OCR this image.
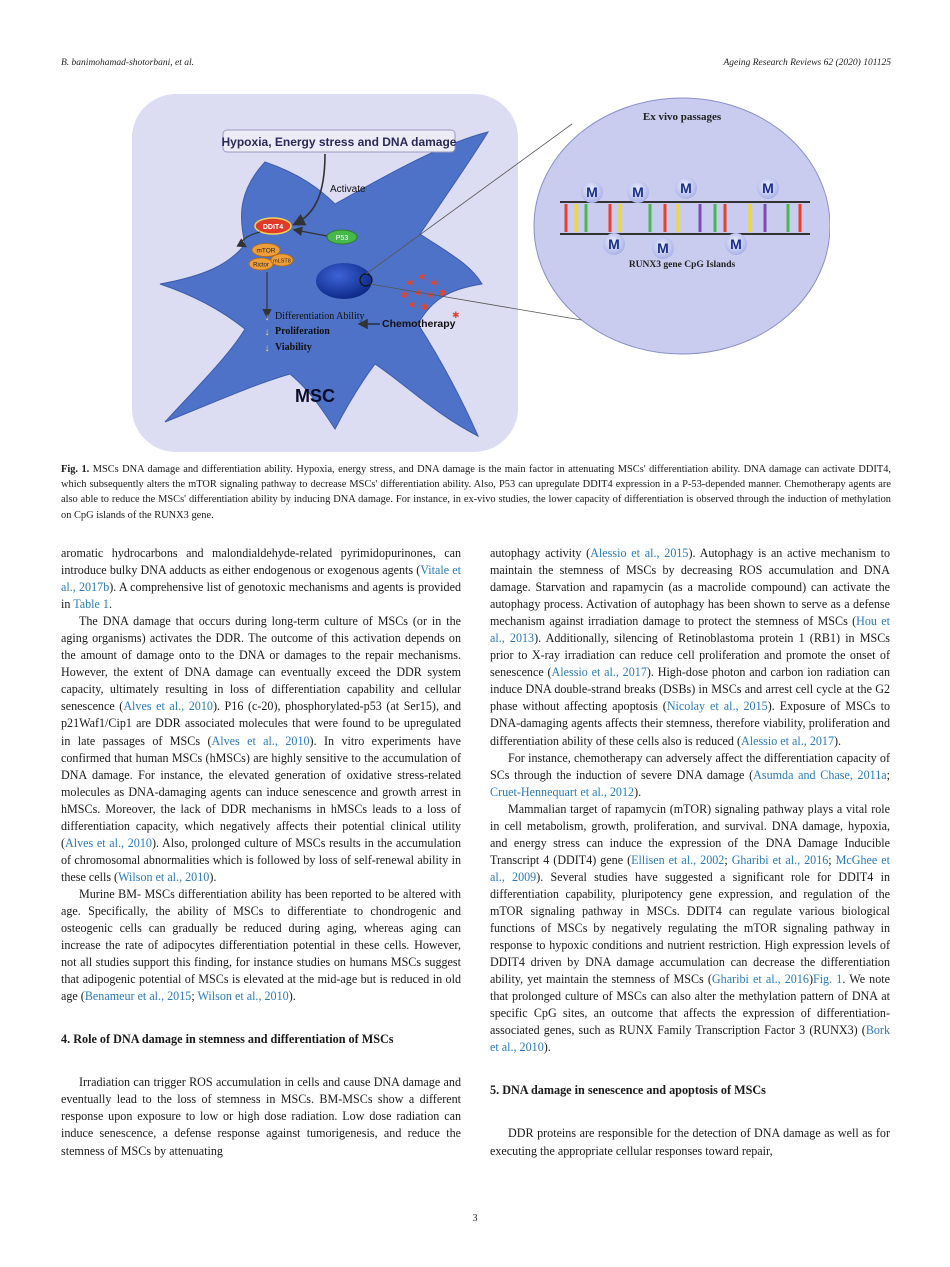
B. banimohamad-shotorbani, et al.	Ageing Research Reviews 62 (2020) 101125
Hypoxia, Energy stress and DNA damage
Activate
DDIT4
P53
mTOR
Rictor
mLST8
↓ Differentiation Ability
↓ Proliferation
↓ Viability
✱
✱
✱
✱ ✱ ✱ ✱
✱ ✱
✱
Chemotherapy
MSC
Ex vivo passages
RUNX3 gene CpG Islands
M M	M	M
M	M	M
Fig. 1. MSCs DNA damage and differentiation ability. Hypoxia, energy stress, and DNA damage is the main factor in attenuating MSCs' differentiation ability. DNA damage can activate DDIT4, which subsequently alters the mTOR signaling pathway to decrease MSCs' differentiation ability. Also, P53 can upregulate DDIT4 expression in a P-53-depended manner. Chemotherapy agents are also able to reduce the MSCs' differentiation ability by inducing DNA damage. For instance, in ex-vivo studies, the lower capacity of differentiation is observed through the induction of methylation on CpG islands of the RUNX3 gene.

aromatic hydrocarbons and malondialdehyde-related pyrimidopurinones, can introduce bulky DNA adducts as either endogenous or exogenous agents (Vitale et al., 2017b). A comprehensive list of genotoxic mechanisms and agents is provided in Table 1.

The DNA damage that occurs during long-term culture of MSCs (or in the aging organisms) activates the DDR. The outcome of this activation depends on the amount of damage onto to the DNA or damages to the repair mechanisms. However, the extent of DNA damage can eventually exceed the DDR system capacity, ultimately resulting in loss of differentiation capability and cellular senescence (Alves et al., 2010). P16 (c-20), phosphorylated-p53 (at Ser15), and p21Waf1/Cip1 are DDR associated molecules that were found to be upregulated in late passages of MSCs (Alves et al., 2010). In vitro experiments have confirmed that human MSCs (hMSCs) are highly sensitive to the accumulation of DNA damage. For instance, the elevated generation of oxidative stress-related molecules as DNA-damaging agents can induce senescence and growth arrest in hMSCs. Moreover, the lack of DDR mechanisms in hMSCs leads to a loss of differentiation capacity, which negatively affects their potential clinical utility (Alves et al., 2010). Also, prolonged culture of MSCs results in the accumulation of chromosomal abnormalities which is followed by loss of self-renewal ability in these cells (Wilson et al., 2010).

Murine BM- MSCs differentiation ability has been reported to be altered with age. Specifically, the ability of MSCs to differentiate to chondrogenic and osteogenic cells can gradually be reduced during aging, whereas aging can increase the rate of adipocytes differentiation potential in these cells. However, not all studies support this finding, for instance studies on humans MSCs suggest that adipogenic potential of MSCs is elevated at the mid-age but is reduced in old age (Benameur et al., 2015; Wilson et al., 2010).

4. Role of DNA damage in stemness and differentiation of MSCs

Irradiation can trigger ROS accumulation in cells and cause DNA damage and eventually lead to the loss of stemness in MSCs. BM-MSCs show a different response upon exposure to low or high dose radiation. Low dose radiation can induce senescence, a defense response against tumorigenesis, and reduce the stemness of MSCs by attenuating

autophagy activity (Alessio et al., 2015). Autophagy is an active mechanism to maintain the stemness of MSCs by decreasing ROS accumulation and DNA damage. Starvation and rapamycin (as a macrolide compound) can activate the autophagy process. Activation of autophagy has been shown to serve as a defense mechanism against irradiation damage to protect the stemness of MSCs (Hou et al., 2013). Additionally, silencing of Retinoblastoma protein 1 (RB1) in MSCs prior to X-ray irradiation can reduce cell proliferation and promote the onset of senescence (Alessio et al., 2017). High-dose photon and carbon ion radiation can induce DNA double-strand breaks (DSBs) in MSCs and arrest cell cycle at the G2 phase without affecting apoptosis (Nicolay et al., 2015). Exposure of MSCs to DNA-damaging agents affects their stemness, therefore viability, proliferation and differentiation ability of these cells also is reduced (Alessio et al., 2017).

For instance, chemotherapy can adversely affect the differentiation capacity of SCs through the induction of severe DNA damage (Asumda and Chase, 2011a; Cruet-Hennequart et al., 2012).

Mammalian target of rapamycin (mTOR) signaling pathway plays a vital role in cell metabolism, growth, proliferation, and survival. DNA damage, hypoxia, and energy stress can induce the expression of the DNA Damage Inducible Transcript 4 (DDIT4) gene (Ellisen et al., 2002; Gharibi et al., 2016; McGhee et al., 2009). Several studies have suggested a significant role for DDIT4 in differentiation capability, pluripotency gene expression, and regulation of the mTOR signaling pathway in MSCs. DDIT4 can regulate various biological functions of MSCs by negatively regulating the mTOR signaling pathway in response to hypoxic conditions and nutrient restriction. High expression levels of DDIT4 driven by DNA damage accumulation can decrease the differentiation ability, yet maintain the stemness of MSCs (Gharibi et al., 2016)Fig. 1. We note that prolonged culture of MSCs can also alter the methylation pattern of DNA at specific CpG sites, an outcome that affects the expression of differentiation-associated genes, such as RUNX Family Transcription Factor 3 (RUNX3) (Bork et al., 2010).

5. DNA damage in senescence and apoptosis of MSCs

DDR proteins are responsible for the detection of DNA damage as well as for executing the appropriate cellular responses toward repair,

3
